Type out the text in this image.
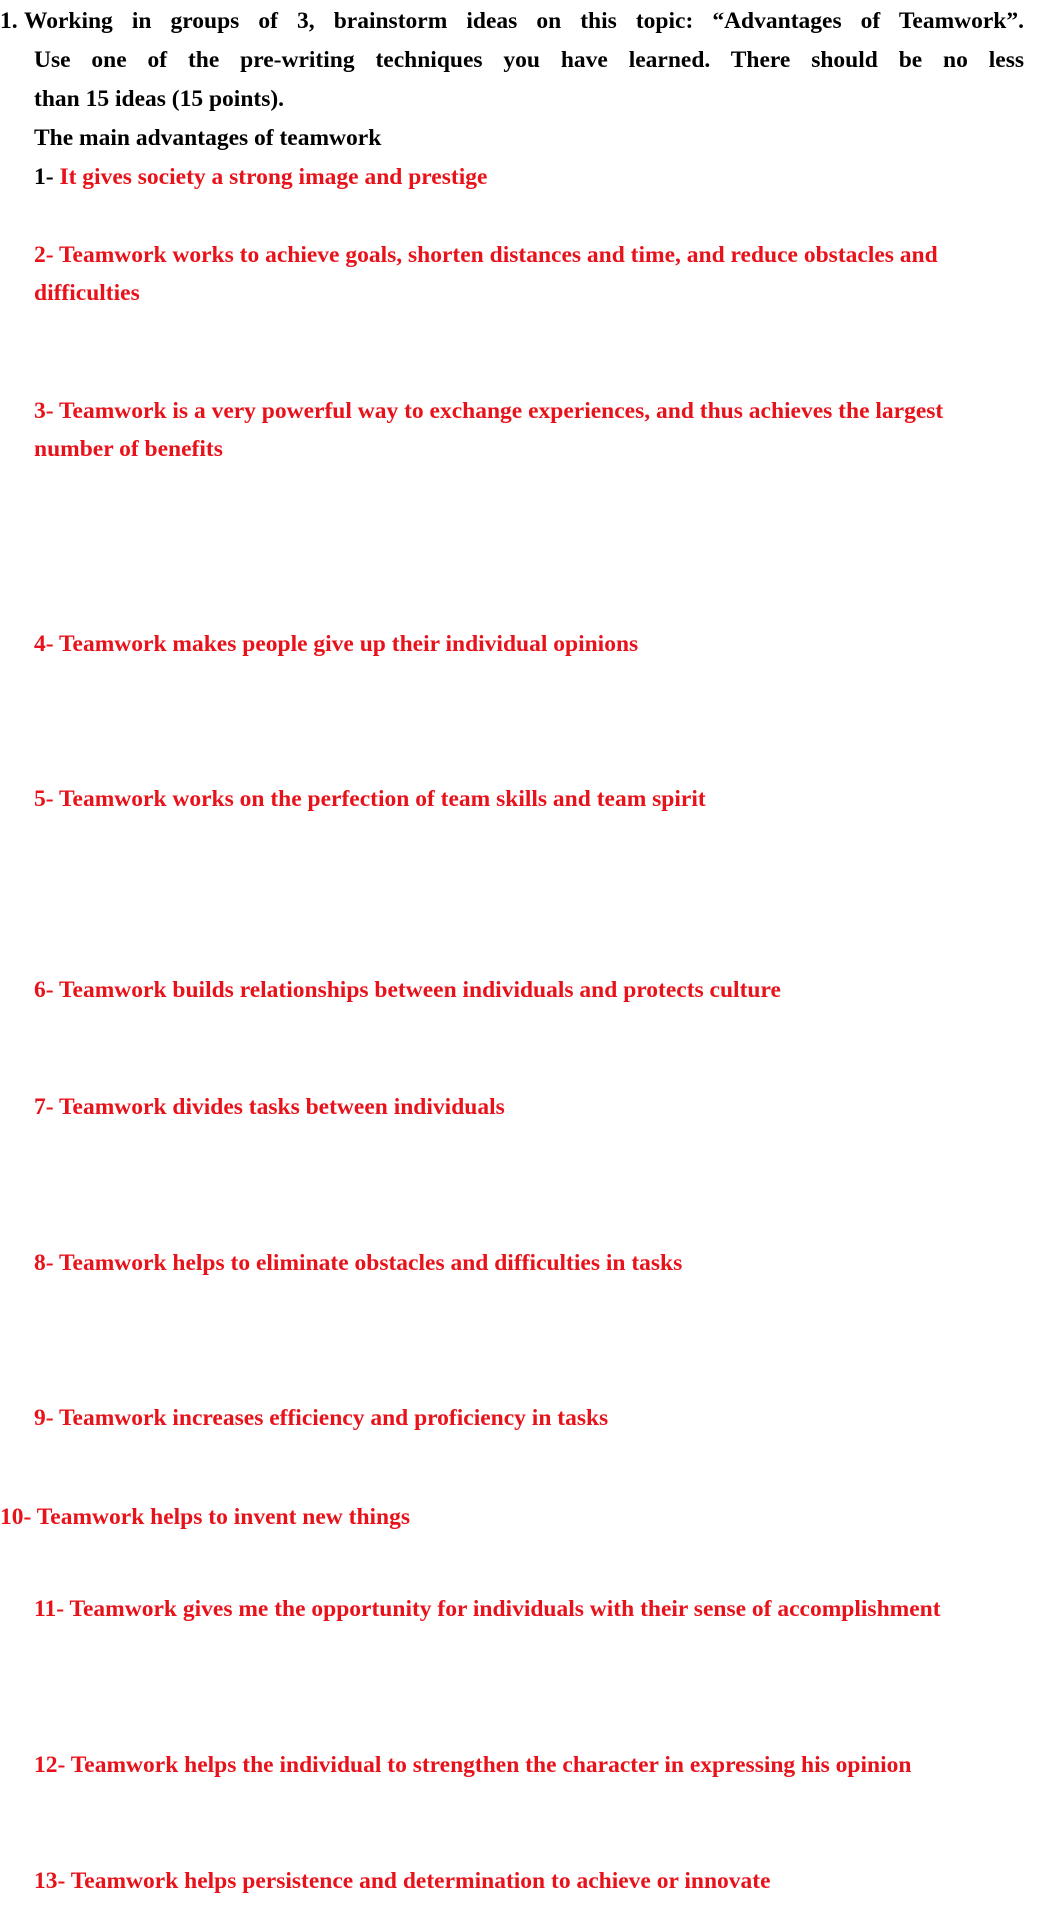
1. Working in groups of 3, brainstorm ideas on this topic: “Advantages of Teamwork”.
Use one of the pre-writing techniques you have learned. There should be no less
than 15 ideas (15 points).
The main advantages of teamwork
1- It gives society a strong image and prestige
2- Teamwork works to achieve goals, shorten distances and time, and reduce obstacles and difficulties
3- Teamwork is a very powerful way to exchange experiences, and thus achieves the largest number of benefits
4- Teamwork makes people give up their individual opinions
5- Teamwork works on the perfection of team skills and team spirit
6- Teamwork builds relationships between individuals and protects culture
7- Teamwork divides tasks between individuals
8- Teamwork helps to eliminate obstacles and difficulties in tasks
9- Teamwork increases efficiency and proficiency in tasks
10- Teamwork helps to invent new things
11- Teamwork gives me the opportunity for individuals with their sense of accomplishment
12- Teamwork helps the individual to strengthen the character in expressing his opinion
13- Teamwork helps persistence and determination to achieve or innovate
